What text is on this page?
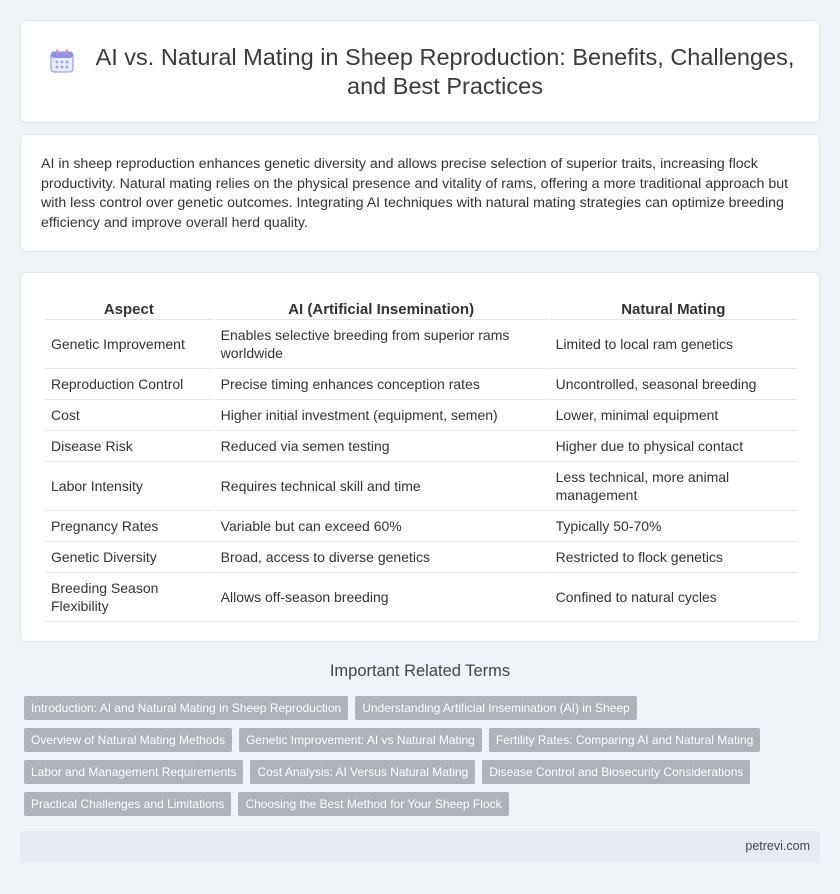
AI vs. Natural Mating in Sheep Reproduction: Benefits, Challenges, and Best Practices

AI in sheep reproduction enhances genetic diversity and allows precise selection of superior traits, increasing flock productivity. Natural mating relies on the physical presence and vitality of rams, offering a more traditional approach but with less control over genetic outcomes. Integrating AI techniques with natural mating strategies can optimize breeding efficiency and improve overall herd quality.

Aspect	AI (Artificial Insemination)	Natural Mating
Genetic Improvement	Enables selective breeding from superior rams worldwide	Limited to local ram genetics
Reproduction Control	Precise timing enhances conception rates	Uncontrolled, seasonal breeding
Cost	Higher initial investment (equipment, semen)	Lower, minimal equipment
Disease Risk	Reduced via semen testing	Higher due to physical contact
Labor Intensity	Requires technical skill and time	Less technical, more animal management
Pregnancy Rates	Variable but can exceed 60%	Typically 50-70%
Genetic Diversity	Broad, access to diverse genetics	Restricted to flock genetics
Breeding Season Flexibility	Allows off-season breeding	Confined to natural cycles
Important Related Terms
Introduction: AI and Natural Mating in Sheep Reproduction	Understanding Artificial Insemination (AI) in Sheep
Overview of Natural Mating Methods	Genetic Improvement: AI vs Natural Mating	Fertility Rates: Comparing AI and Natural Mating
Labor and Management Requirements	Cost Analysis: AI Versus Natural Mating	Disease Control and Biosecurity Considerations
Practical Challenges and Limitations	Choosing the Best Method for Your Sheep Flock
petrevi.com
